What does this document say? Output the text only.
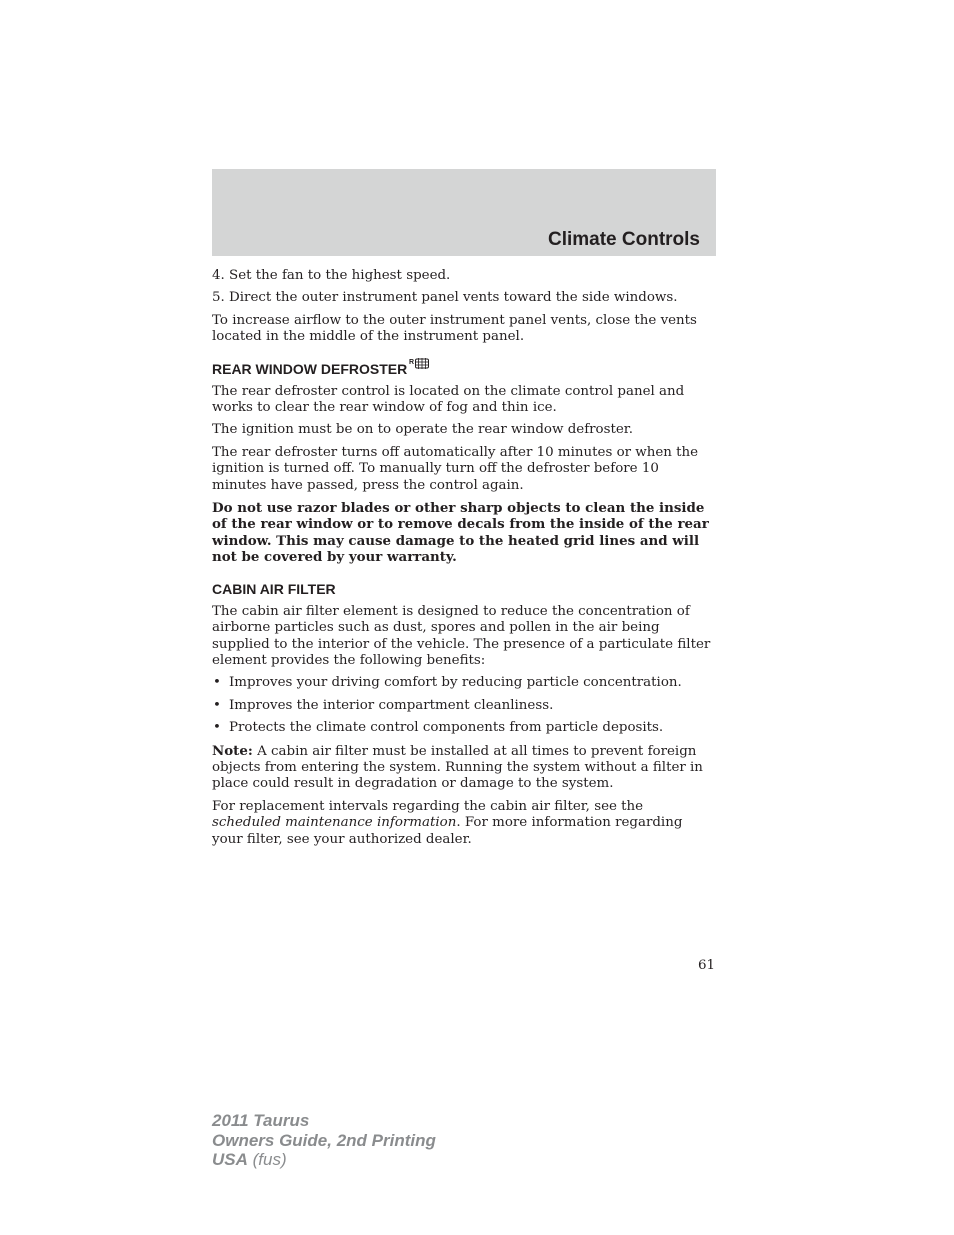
Climate Controls

4. Set the fan to the highest speed.

5. Direct the outer instrument panel vents toward the side windows.

To increase airflow to the outer instrument panel vents, close the vents located in the middle of the instrument panel.

REAR WINDOW DEFROSTER R

The rear defroster control is located on the climate control panel and works to clear the rear window of fog and thin ice.

The ignition must be on to operate the rear window defroster.

The rear defroster turns off automatically after 10 minutes or when the ignition is turned off. To manually turn off the defroster before 10 minutes have passed, press the control again.

Do not use razor blades or other sharp objects to clean the inside of the rear window or to remove decals from the inside of the rear window. This may cause damage to the heated grid lines and will not be covered by your warranty.

CABIN AIR FILTER

The cabin air filter element is designed to reduce the concentration of airborne particles such as dust, spores and pollen in the air being supplied to the interior of the vehicle. The presence of a particulate filter element provides the following benefits:

• Improves your driving comfort by reducing particle concentration.
• Improves the interior compartment cleanliness.
• Protects the climate control components from particle deposits.

Note: A cabin air filter must be installed at all times to prevent foreign objects from entering the system. Running the system without a filter in place could result in degradation or damage to the system.

For replacement intervals regarding the cabin air filter, see the scheduled maintenance information. For more information regarding your filter, see your authorized dealer.

61
2011 Taurus
Owners Guide, 2nd Printing
USA (fus)
